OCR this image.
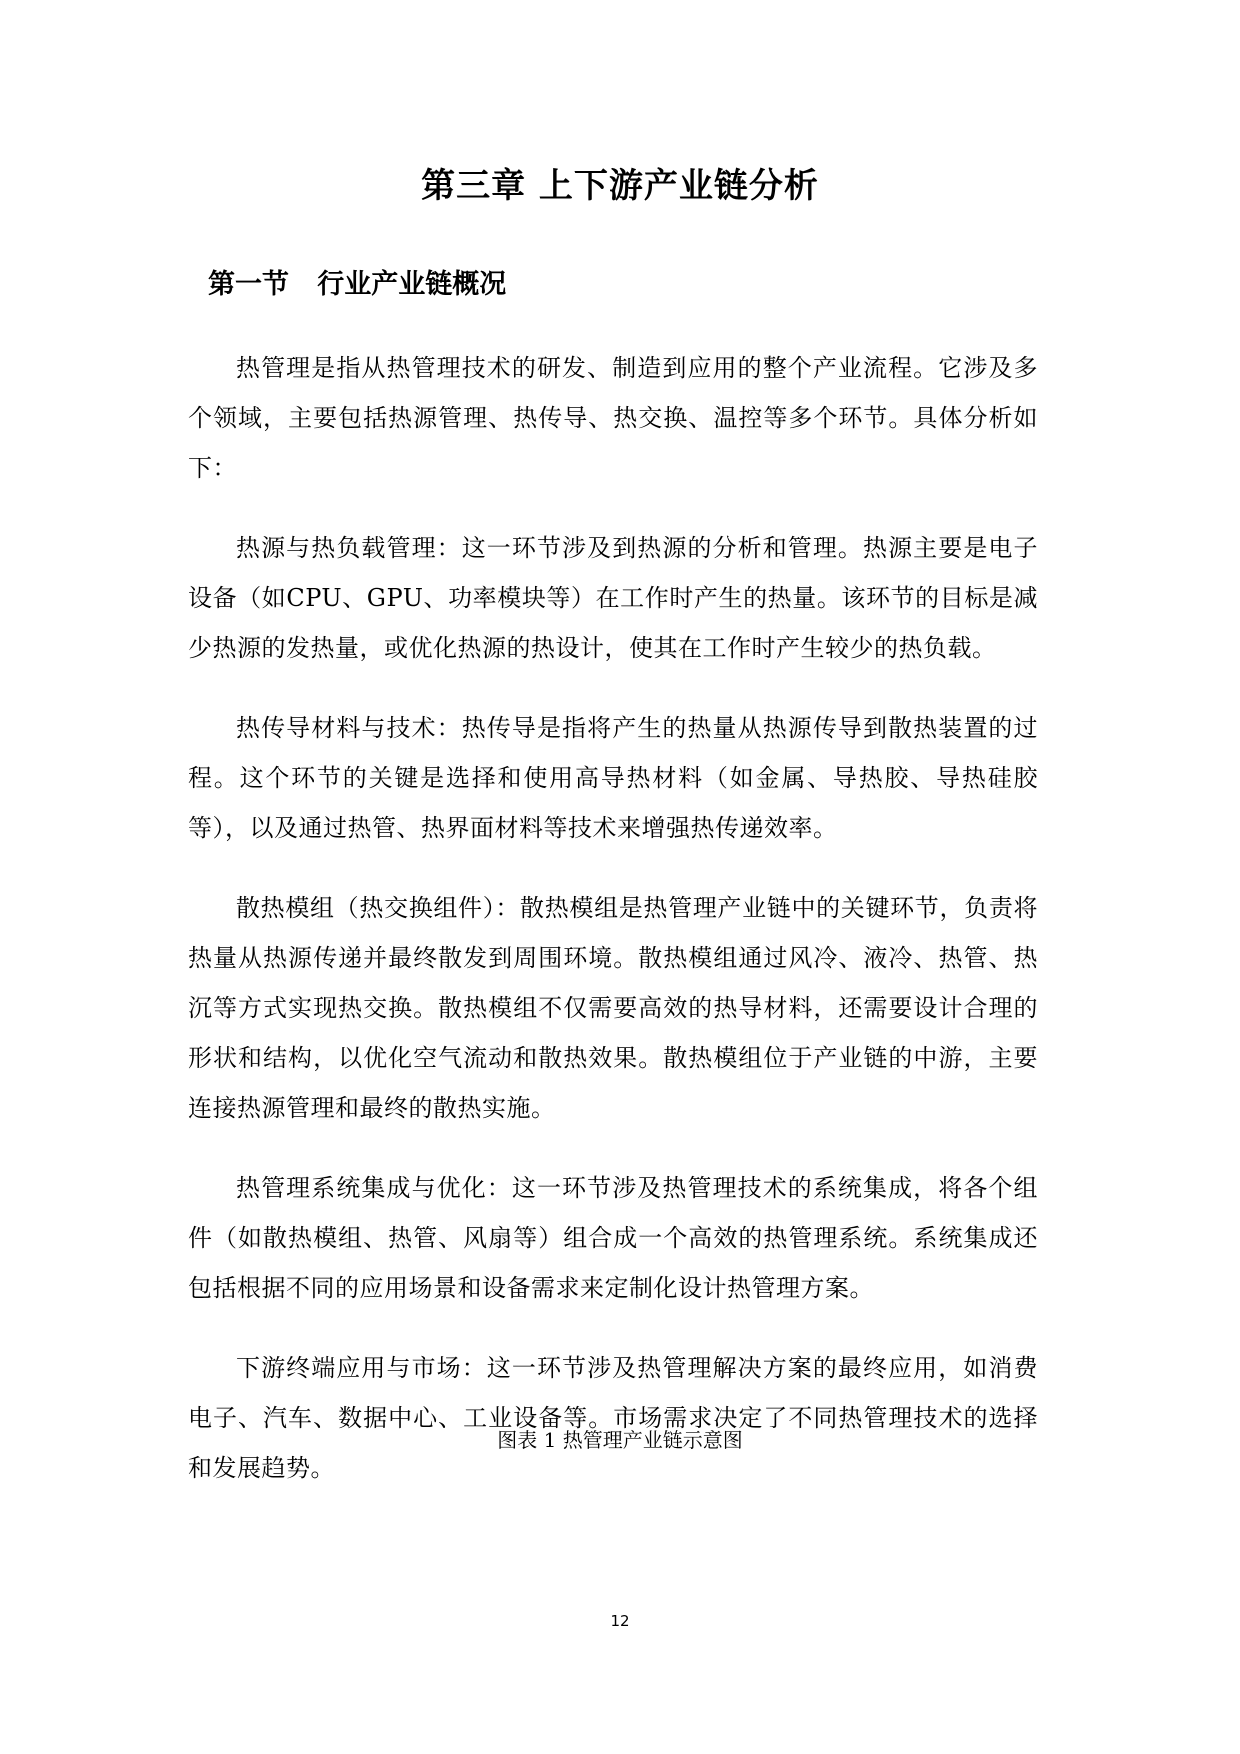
第三章 上下游产业链分析
第一节   行业产业链概况

热管理是指从热管理技术的研发、制造到应用的整个产业流程。它涉及多个领域，主要包括热源管理、热传导、热交换、温控等多个环节。具体分析如下：

热源与热负载管理：这一环节涉及到热源的分析和管理。热源主要是电子设备（如CPU、GPU、功率模块等）在工作时产生的热量。该环节的目标是减少热源的发热量，或优化热源的热设计，使其在工作时产生较少的热负载。

热传导材料与技术：热传导是指将产生的热量从热源传导到散热装置的过程。这个环节的关键是选择和使用高导热材料（如金属、导热胶、导热硅胶等），以及通过热管、热界面材料等技术来增强热传递效率。

散热模组（热交换组件）：散热模组是热管理产业链中的关键环节，负责将热量从热源传递并最终散发到周围环境。散热模组通过风冷、液冷、热管、热沉等方式实现热交换。散热模组不仅需要高效的热导材料，还需要设计合理的形状和结构，以优化空气流动和散热效果。散热模组位于产业链的中游，主要连接热源管理和最终的散热实施。

热管理系统集成与优化：这一环节涉及热管理技术的系统集成，将各个组件（如散热模组、热管、风扇等）组合成一个高效的热管理系统。系统集成还包括根据不同的应用场景和设备需求来定制化设计热管理方案。

下游终端应用与市场：这一环节涉及热管理解决方案的最终应用，如消费电子、汽车、数据中心、工业设备等。市场需求决定了不同热管理技术的选择和发展趋势。

图表 1 热管理产业链示意图

12
